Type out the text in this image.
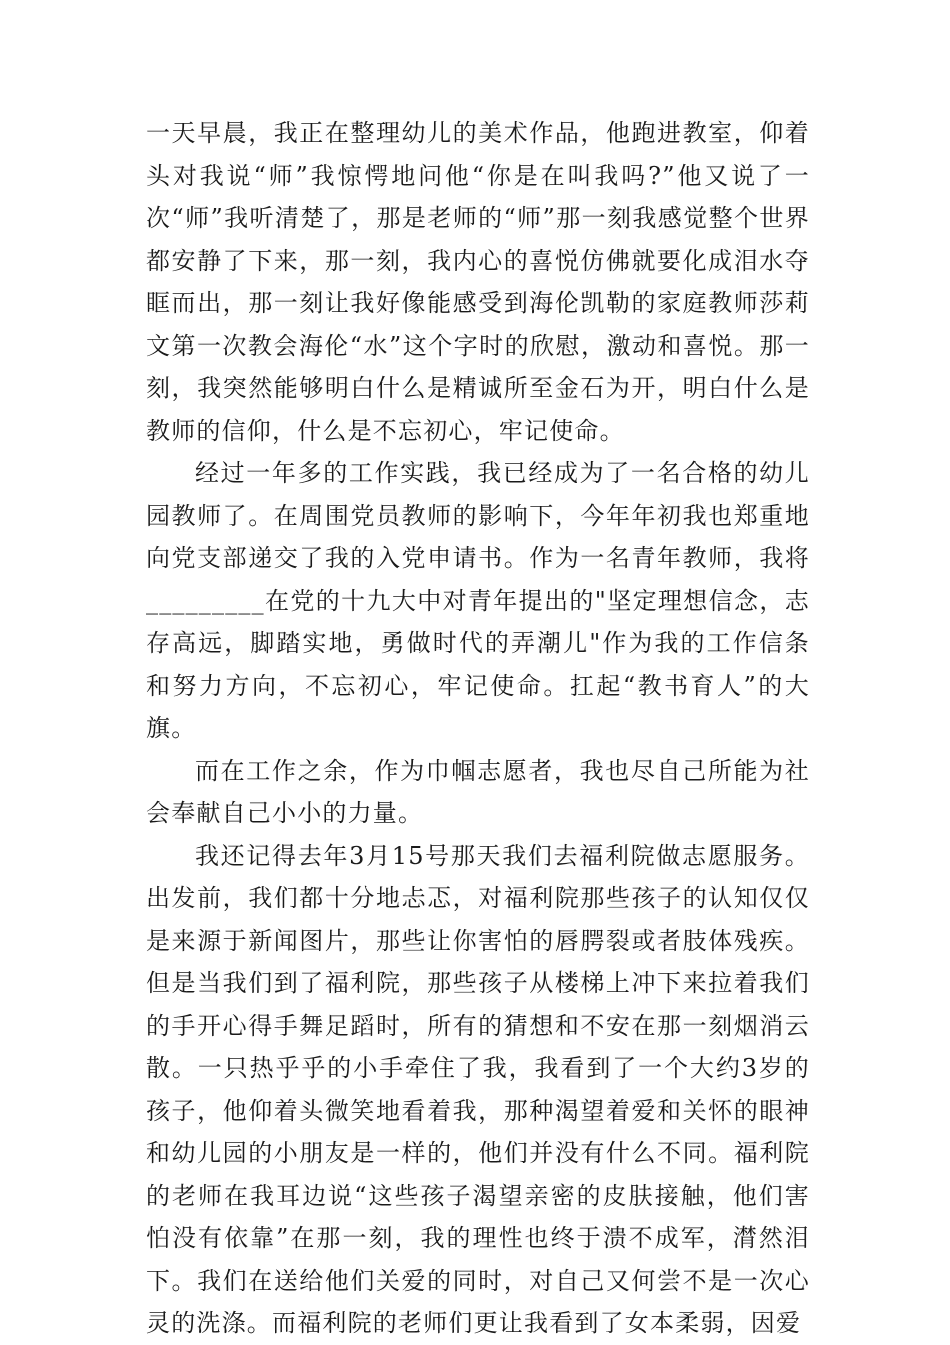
一天早晨，我正在整理幼儿的美术作品，他跑进教室，仰着头对我说“师”我惊愕地问他“你是在叫我吗?”他又说了一次“师”我听清楚了，那是老师的“师”那一刻我感觉整个世界都安静了下来，那一刻，我内心的喜悦仿佛就要化成泪水夺眶而出，那一刻让我好像能感受到海伦凯勒的家庭教师莎莉文第一次教会海伦“水”这个字时的欣慰，激动和喜悦。那一刻，我突然能够明白什么是精诚所至金石为开，明白什么是教师的信仰，什么是不忘初心，牢记使命。

经过一年多的工作实践，我已经成为了一名合格的幼儿园教师了。在周围党员教师的影响下，今年年初我也郑重地向党支部递交了我的入党申请书。作为一名青年教师，我将_________在党的十九大中对青年提出的"坚定理想信念，志存高远，脚踏实地，勇做时代的弄潮儿"作为我的工作信条和努力方向，不忘初心，牢记使命。扛起“教书育人”的大旗。

而在工作之余，作为巾帼志愿者，我也尽自己所能为社会奉献自己小小的力量。

我还记得去年3月15号那天我们去福利院做志愿服务。出发前，我们都十分地忐忑，对福利院那些孩子的认知仅仅是来源于新闻图片，那些让你害怕的唇腭裂或者肢体残疾。但是当我们到了福利院，那些孩子从楼梯上冲下来拉着我们的手开心得手舞足蹈时，所有的猜想和不安在那一刻烟消云散。一只热乎乎的小手牵住了我，我看到了一个大约3岁的孩子，他仰着头微笑地看着我，那种渴望着爱和关怀的眼神和幼儿园的小朋友是一样的，他们并没有什么不同。福利院的老师在我耳边说“这些孩子渴望亲密的皮肤接触，他们害怕没有依靠”在那一刻，我的理性也终于溃不成军，潸然泪下。我们在送给他们关爱的同时，对自己又何尝不是一次心灵的洗涤。而福利院的老师们更让我看到了女本柔弱，因爱
